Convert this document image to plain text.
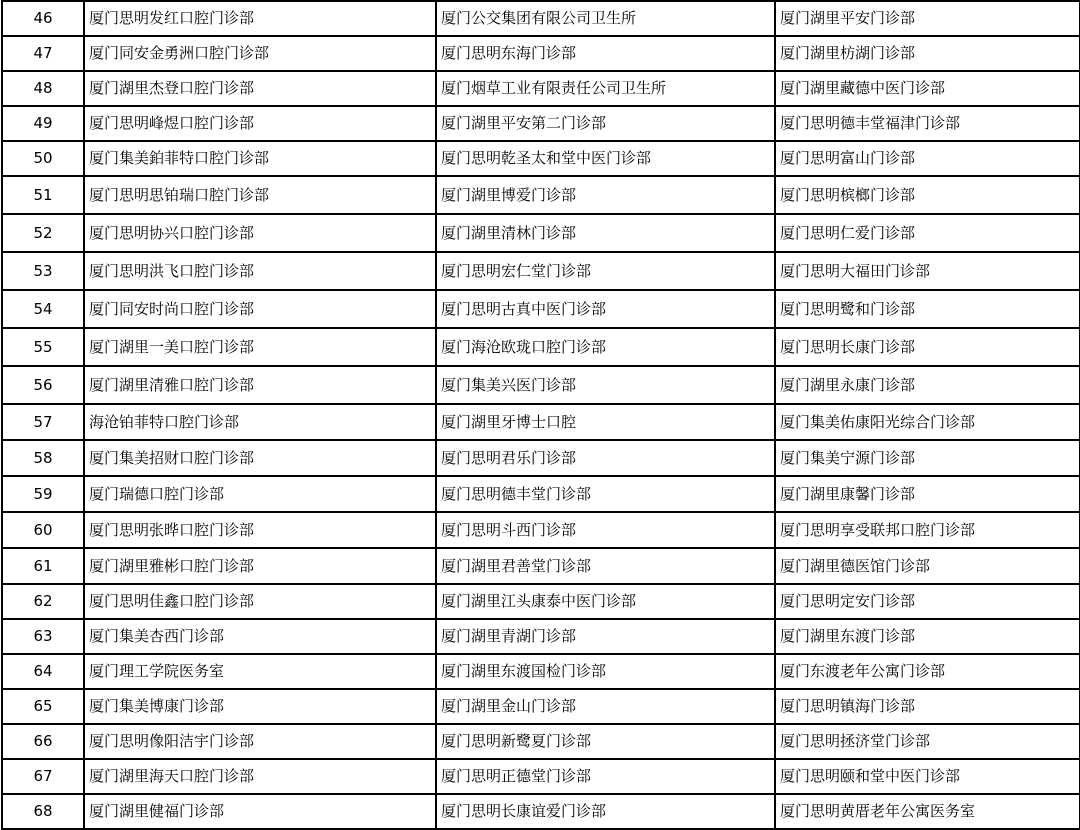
46	厦门思明发红口腔门诊部	厦门公交集团有限公司卫生所	厦门湖里平安门诊部
47	厦门同安金勇洲口腔门诊部	厦门思明东海门诊部	厦门湖里枋湖门诊部
48	厦门湖里杰登口腔门诊部	厦门烟草工业有限责任公司卫生所	厦门湖里藏德中医门诊部
49	厦门思明峰煜口腔门诊部	厦门湖里平安第二门诊部	厦门思明德丰堂福津门诊部
50	厦门集美鉑菲特口腔门诊部	厦门思明乾圣太和堂中医门诊部	厦门思明富山门诊部
51	厦门思明思铂瑞口腔门诊部	厦门湖里博爱门诊部	厦门思明槟榔门诊部
52	厦门思明协兴口腔门诊部	厦门湖里清林门诊部	厦门思明仁爱门诊部
53	厦门思明洪飞口腔门诊部	厦门思明宏仁堂门诊部	厦门思明大福田门诊部
54	厦门同安时尚口腔门诊部	厦门思明古真中医门诊部	厦门思明鹭和门诊部
55	厦门湖里一美口腔门诊部	厦门海沧欧珑口腔门诊部	厦门思明长康门诊部
56	厦门湖里清雅口腔门诊部	厦门集美兴医门诊部	厦门湖里永康门诊部
57	海沧铂菲特口腔门诊部	厦门湖里牙博士口腔	厦门集美佑康阳光综合门诊部
58	厦门集美招财口腔门诊部	厦门思明君乐门诊部	厦门集美宁源门诊部
59	厦门瑞德口腔门诊部	厦门思明德丰堂门诊部	厦门湖里康馨门诊部
60	厦门思明张晔口腔门诊部	厦门思明斗西门诊部	厦门思明享受联邦口腔门诊部
61	厦门湖里雅彬口腔门诊部	厦门湖里君善堂门诊部	厦门湖里德医馆门诊部
62	厦门思明佳鑫口腔门诊部	厦门湖里江头康泰中医门诊部	厦门思明定安门诊部
63	厦门集美杏西门诊部	厦门湖里青湖门诊部	厦门湖里东渡门诊部
64	厦门理工学院医务室	厦门湖里东渡国检门诊部	厦门东渡老年公寓门诊部
65	厦门集美博康门诊部	厦门湖里金山门诊部	厦门思明镇海门诊部
66	厦门思明像阳洁宇门诊部	厦门思明新鹭夏门诊部	厦门思明拯济堂门诊部
67	厦门湖里海天口腔门诊部	厦门思明正德堂门诊部	厦门思明颐和堂中医门诊部
68	厦门湖里健福门诊部	厦门思明长康谊爱门诊部	厦门思明黄厝老年公寓医务室
